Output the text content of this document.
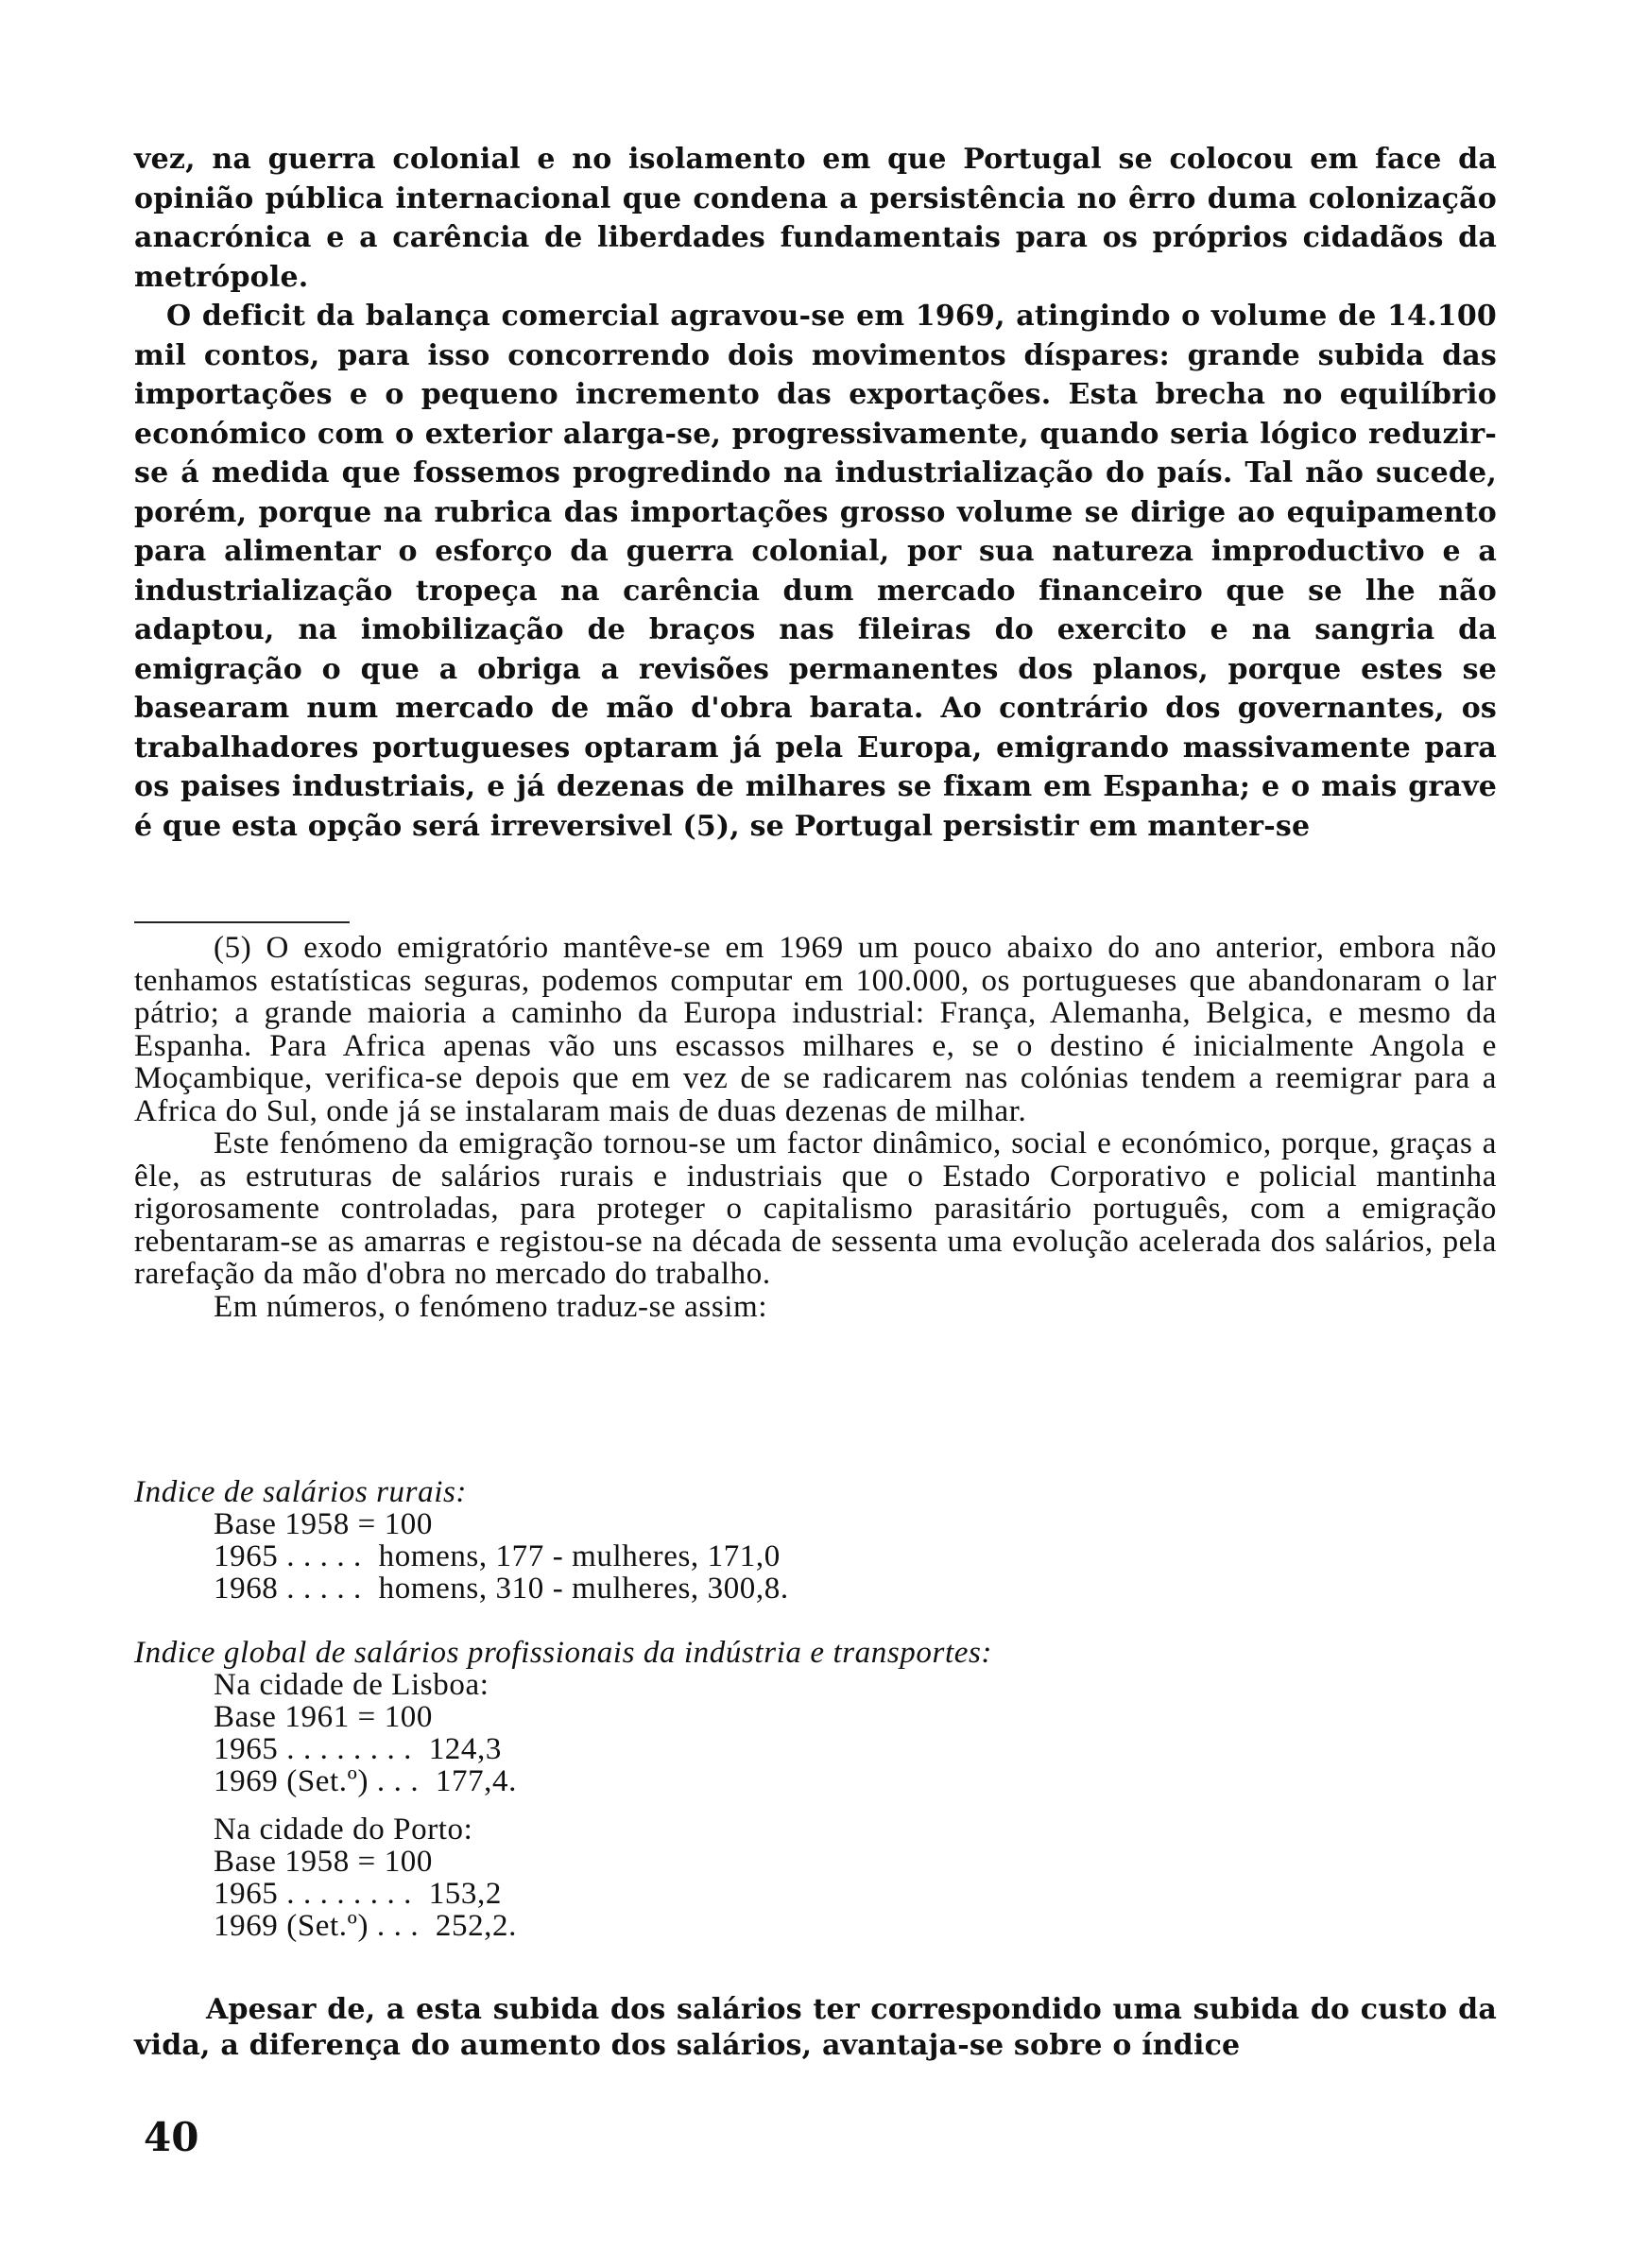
vez, na guerra colonial e no isolamento em que Portugal se colocou em face da opinião pública internacional que condena a persistência no êrro duma colonização anacrónica e a carência de liberdades fundamentais para os próprios cidadãos da metrópole.

O deficit da balança comercial agravou-se em 1969, atingindo o volume de 14.100 mil contos, para isso concorrendo dois movimentos díspares: grande subida das importações e o pequeno incremento das exportações. Esta brecha no equilíbrio económico com o exterior alarga-se, progressivamente, quando seria lógico reduzir-se á medida que fossemos progredindo na industrialização do país. Tal não sucede, porém, porque na rubrica das importações grosso volume se dirige ao equipamento para alimentar o esforço da guerra colonial, por sua natureza improductivo e a industrialização tropeça na carência dum mercado financeiro que se lhe não adaptou, na imobilização de braços nas fileiras do exercito e na sangria da emigração o que a obriga a revisões permanentes dos planos, porque estes se basearam num mercado de mão d'obra barata. Ao contrário dos governantes, os trabalhadores portugueses optaram já pela Europa, emigrando massivamente para os paises industriais, e já dezenas de milhares se fixam em Espanha; e o mais grave é que esta opção será irreversivel (5), se Portugal persistir em manter-se

(5) O exodo emigratório mantêve-se em 1969 um pouco abaixo do ano anterior, embora não tenhamos estatísticas seguras, podemos computar em 100.000, os portugueses que abandonaram o lar pátrio; a grande maioria a caminho da Europa industrial: França, Alemanha, Belgica, e mesmo da Espanha. Para Africa apenas vão uns escassos milhares e, se o destino é inicialmente Angola e Moçambique, verifica-se depois que em vez de se radicarem nas colónias tendem a reemigrar para a Africa do Sul, onde já se instalaram mais de duas dezenas de milhar.

Este fenómeno da emigração tornou-se um factor dinâmico, social e económico, porque, graças a êle, as estruturas de salários rurais e industriais que o Estado Corporativo e policial mantinha rigorosamente controladas, para proteger o capitalismo parasitário português, com a emigração rebentaram-se as amarras e registou-se na década de sessenta uma evolução acelerada dos salários, pela rarefação da mão d'obra no mercado do trabalho.

Em números, o fenómeno traduz-se assim:

Indice de salários rurais:

Base 1958 = 100

1965 . . . . .  homens, 177 - mulheres, 171,0

1968 . . . . .  homens, 310 - mulheres, 300,8.

Indice global de salários profissionais da indústria e transportes:

Na cidade de Lisboa:

Base 1961 = 100

1965 . . . . . . . .  124,3

1969 (Set.º) . . .  177,4.

Na cidade do Porto:

Base 1958 = 100

1965 . . . . . . . .  153,2

1969 (Set.º) . . .  252,2.

Apesar de, a esta subida dos salários ter correspondido uma subida do custo da vida, a diferença do aumento dos salários, avantaja-se sobre o índice

40
